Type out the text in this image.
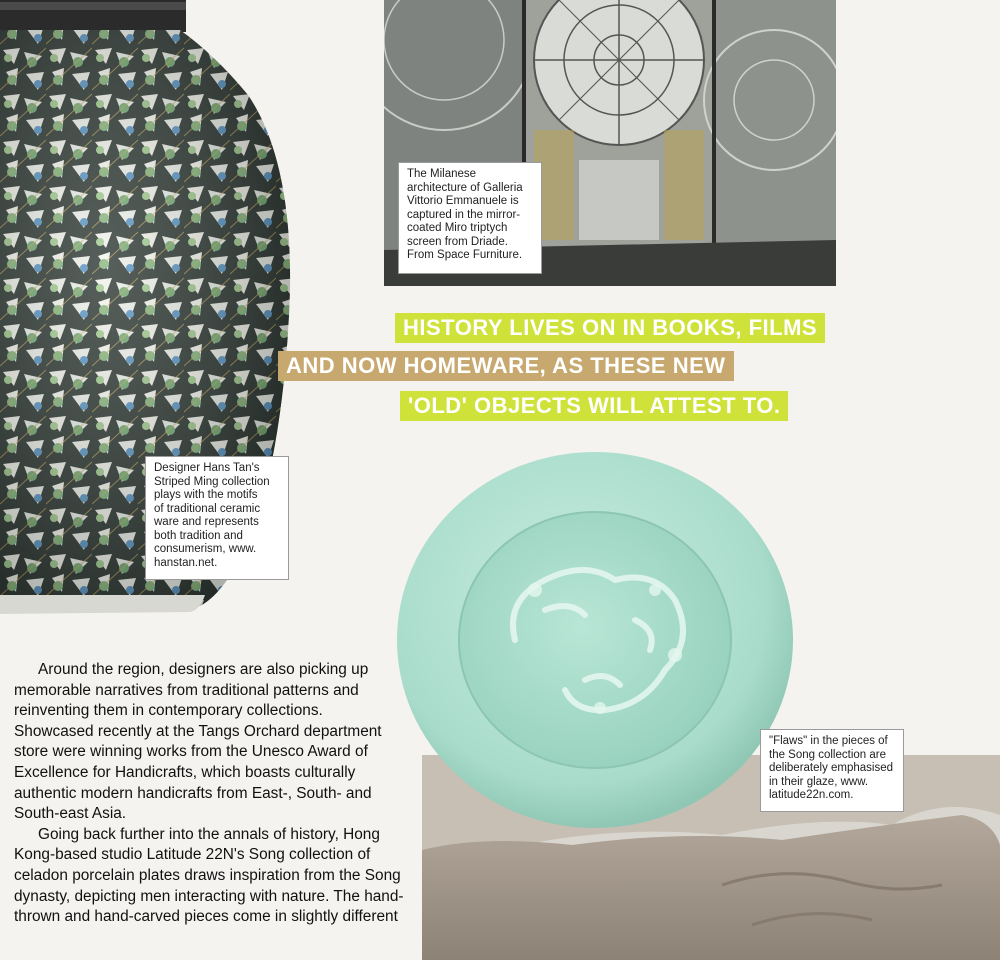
The Milanese
architecture of Galleria
Vittorio Emmanuele is
captured in the mirror-
coated Miro triptych
screen from Driade.
From Space Furniture.
HISTORY LIVES ON IN BOOKS, FILMS
AND NOW HOMEWARE, AS THESE NEW
'OLD' OBJECTS WILL ATTEST TO.
Designer Hans Tan's
Striped Ming collection
plays with the motifs
of traditional ceramic
ware and represents
both tradition and
consumerism, www.
hanstan.net.
"Flaws" in the pieces of
the Song collection are
deliberately emphasised
in their glaze, www.
latitude22n.com.

Around the region, designers are also picking up memorable narratives from traditional patterns and reinventing them in contemporary collections. Showcased recently at the Tangs Orchard department store were winning works from the Unesco Award of Excellence for Handicrafts, which boasts culturally authentic modern handicrafts from East-, South- and South-east Asia.

Going back further into the annals of history, Hong Kong-based studio Latitude 22N's Song collection of celadon porcelain plates draws inspiration from the Song dynasty, depicting men interacting with nature. The hand-thrown and hand-carved pieces come in slightly different
